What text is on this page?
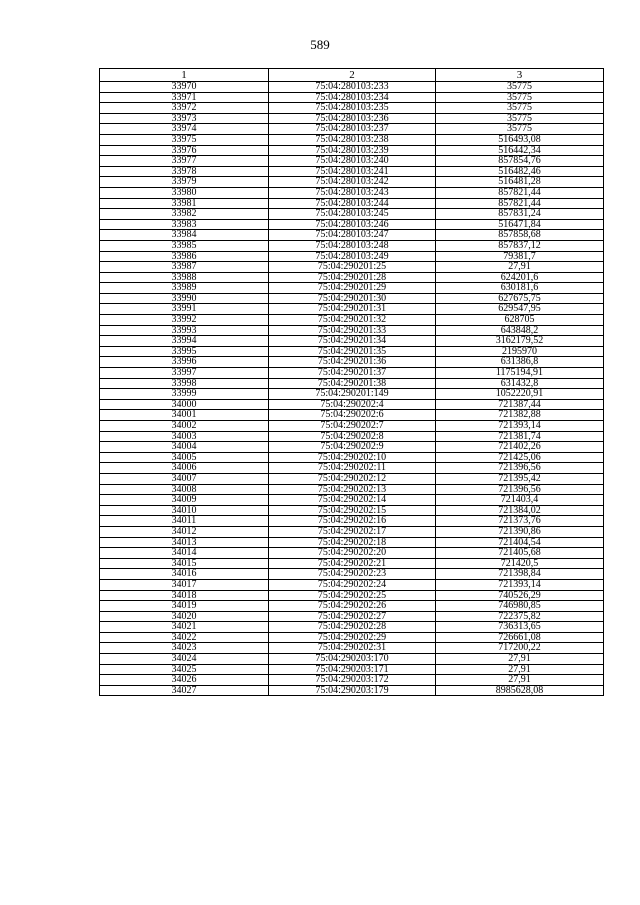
589
1	2	3
33970	75:04:280103:233	35775
33971	75:04:280103:234	35775
33972	75:04:280103:235	35775
33973	75:04:280103:236	35775
33974	75:04:280103:237	35775
33975	75:04:280103:238	516493,08
33976	75:04:280103:239	516442,34
33977	75:04:280103:240	857854,76
33978	75:04:280103:241	516482,46
33979	75:04:280103:242	516481,28
33980	75:04:280103:243	857821,44
33981	75:04:280103:244	857821,44
33982	75:04:280103:245	857831,24
33983	75:04:280103:246	516471,84
33984	75:04:280103:247	857858,68
33985	75:04:280103:248	857837,12
33986	75:04:280103:249	79381,7
33987	75:04:290201:25	27,91
33988	75:04:290201:28	624201,6
33989	75:04:290201:29	630181,6
33990	75:04:290201:30	627675,75
33991	75:04:290201:31	629547,95
33992	75:04:290201:32	628705
33993	75:04:290201:33	643848,2
33994	75:04:290201:34	3162179,52
33995	75:04:290201:35	2195970
33996	75:04:290201:36	631386,8
33997	75:04:290201:37	1175194,91
33998	75:04:290201:38	631432,8
33999	75:04:290201:149	1052220,91
34000	75:04:290202:4	721387,44
34001	75:04:290202:6	721382,88
34002	75:04:290202:7	721393,14
34003	75:04:290202:8	721381,74
34004	75:04:290202:9	721402,26
34005	75:04:290202:10	721425,06
34006	75:04:290202:11	721396,56
34007	75:04:290202:12	721395,42
34008	75:04:290202:13	721396,56
34009	75:04:290202:14	721403,4
34010	75:04:290202:15	721384,02
34011	75:04:290202:16	721373,76
34012	75:04:290202:17	721390,86
34013	75:04:290202:18	721404,54
34014	75:04:290202:20	721405,68
34015	75:04:290202:21	721420,5
34016	75:04:290202:23	721398,84
34017	75:04:290202:24	721393,14
34018	75:04:290202:25	740526,29
34019	75:04:290202:26	746980,85
34020	75:04:290202:27	722375,82
34021	75:04:290202:28	736313,65
34022	75:04:290202:29	726661,08
34023	75:04:290202:31	717200,22
34024	75:04:290203:170	27,91
34025	75:04:290203:171	27,91
34026	75:04:290203:172	27,91
34027	75:04:290203:179	8985628,08
